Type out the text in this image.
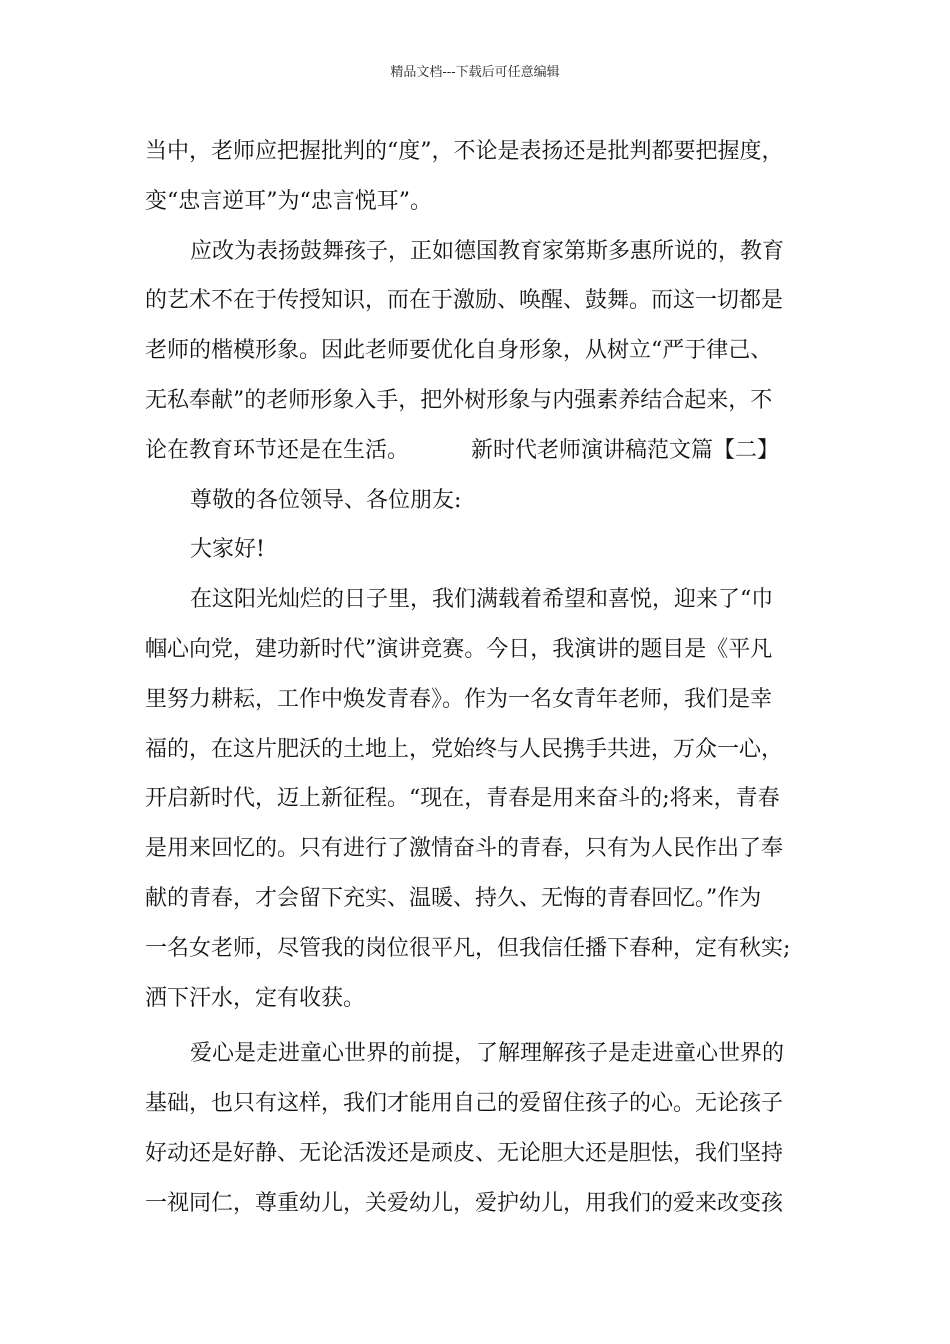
精品文档---下载后可任意编辑
当中，老师应把握批判的“度”，不论是表扬还是批判都要把握度，
变“忠言逆耳”为“忠言悦耳”。
应改为表扬鼓舞孩子，正如德国教育家第斯多惠所说的，教育
的艺术不在于传授知识，而在于激励、唤醒、鼓舞。而这一切都是
老师的楷模形象。因此老师要优化自身形象，从树立“严于律己、
无私奉献”的老师形象入手，把外树形象与内强素养结合起来，不
论在教育环节还是在生活。	新时代老师演讲稿范文篇【二】
尊敬的各位领导、各位朋友:
大家好!
在这阳光灿烂的日子里，我们满载着希望和喜悦，迎来了“巾
帼心向党，建功新时代”演讲竞赛。今日，我演讲的题目是《平凡
里努力耕耘，工作中焕发青春》。作为一名女青年老师，我们是幸
福的，在这片肥沃的土地上，党始终与人民携手共进，万众一心，
开启新时代，迈上新征程。“现在，青春是用来奋斗的;将来，青春
是用来回忆的。只有进行了激情奋斗的青春，只有为人民作出了奉
献的青春，才会留下充实、温暖、持久、无悔的青春回忆。”作为
一名女老师，尽管我的岗位很平凡，但我信任播下春种，定有秋实;
洒下汗水，定有收获。
爱心是走进童心世界的前提，了解理解孩子是走进童心世界的
基础，也只有这样，我们才能用自己的爱留住孩子的心。无论孩子
好动还是好静、无论活泼还是顽皮、无论胆大还是胆怯，我们坚持
一视同仁，尊重幼儿，关爱幼儿，爱护幼儿，用我们的爱来改变孩
